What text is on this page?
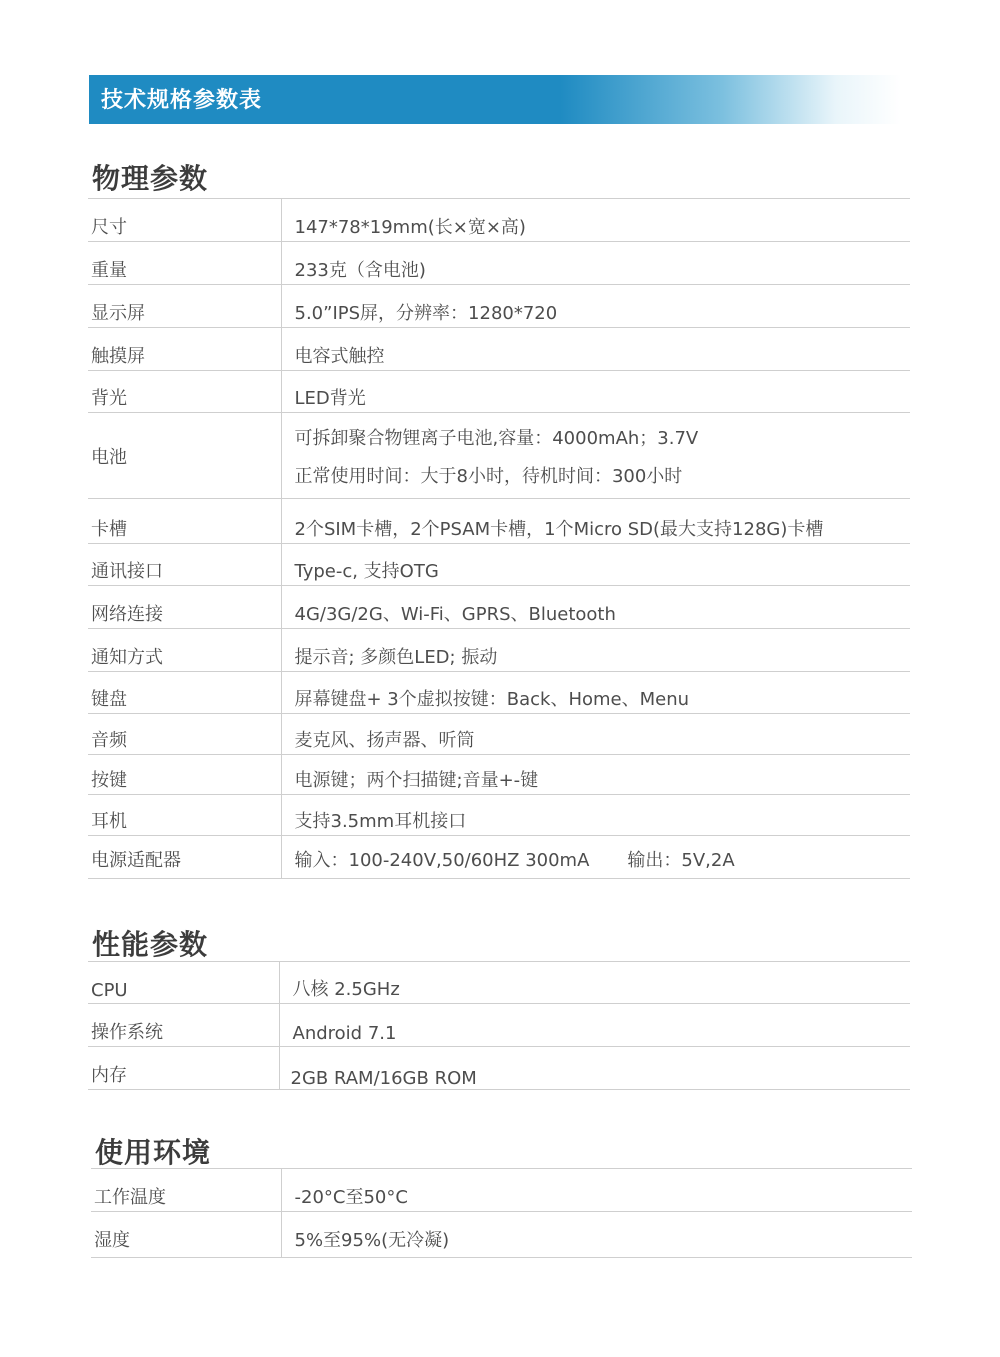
技术规格参数表
物理参数
尺寸	147*78*19mm(长×宽×高)
重量	233克（含电池)
显示屏	5.0”IPS屏，分辨率：1280*720
触摸屏	电容式触控
背光	LED背光
电池	可拆卸聚合物锂离子电池,容量：4000mAh；3.7V
正常使用时间：大于8小时，待机时间：300小时

卡槽	2个SIM卡槽，2个PSAM卡槽，1个Micro SD(最大支持128G)卡槽
通讯接口	Type-c, 支持OTG
网络连接	4G/3G/2G、Wi-Fi、GPRS、Bluetooth
通知方式	提示音; 多颜色LED; 振动
键盘	屏幕键盘+ 3个虚拟按键：Back、Home、Menu
音频	麦克风、扬声器、听筒
按键	电源键；两个扫描键;音量+-键
耳机	支持3.5mm耳机接口
电源适配器	输入：100-240V,50/60HZ 300mA 输出：5V,2A
性能参数
CPU	八核 2.5GHz
操作系统	Android 7.1
内存	2GB RAM/16GB ROM
使用环境
工作温度	-20°C至50°C
湿度	5%至95%(无冷凝)
